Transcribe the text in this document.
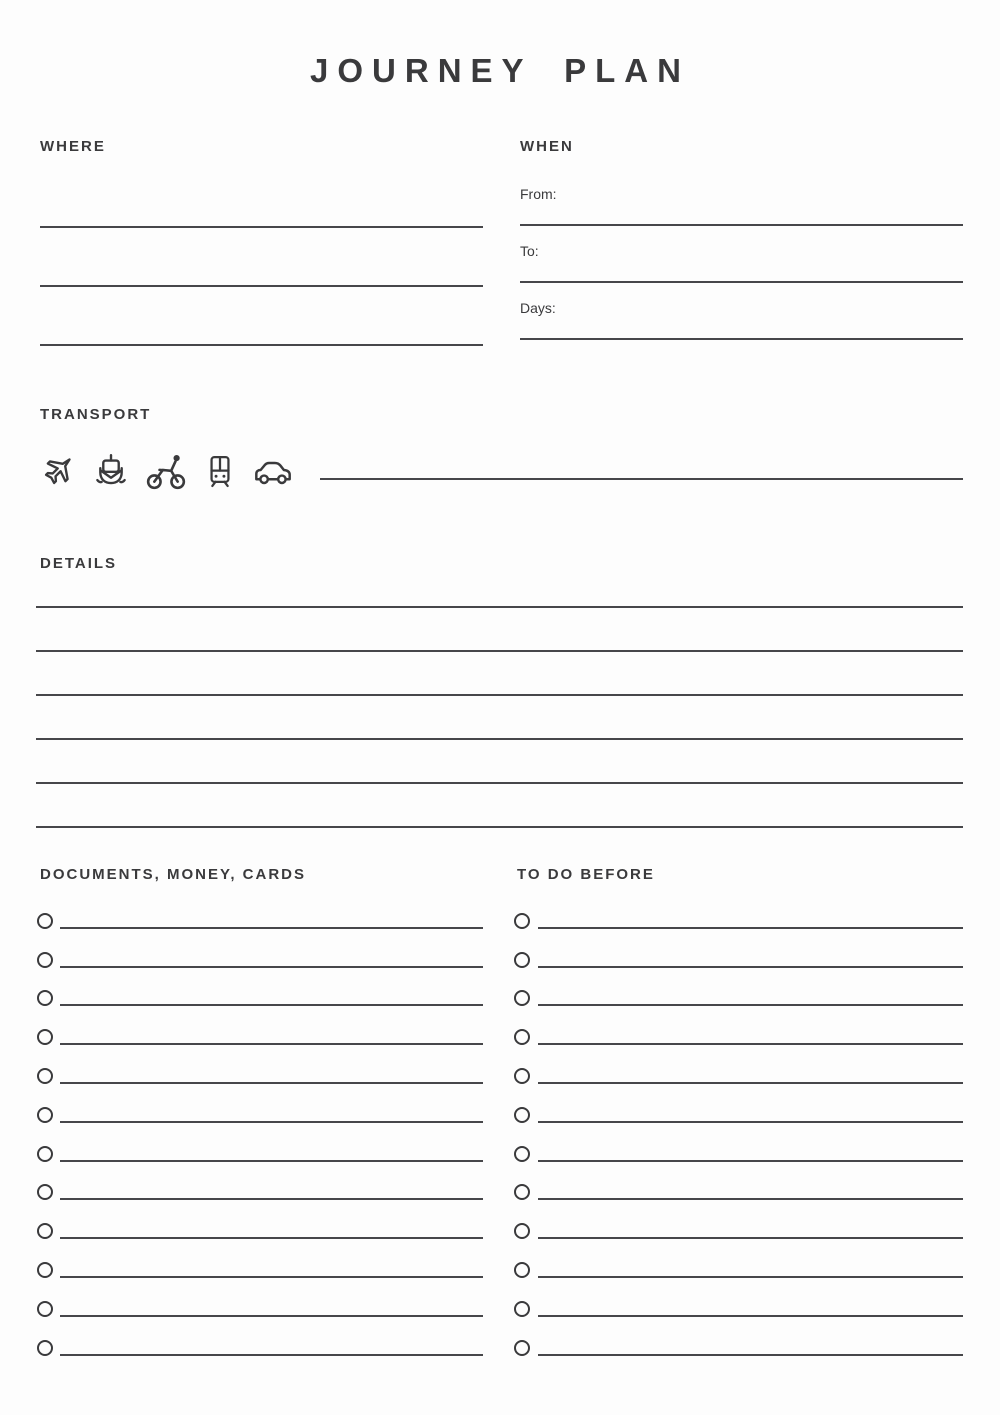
JOURNEY PLAN
WHERE	WHEN
From:
To:
Days:
TRANSPORT
DETAILS
DOCUMENTS, MONEY, CARDS	TO DO BEFORE
